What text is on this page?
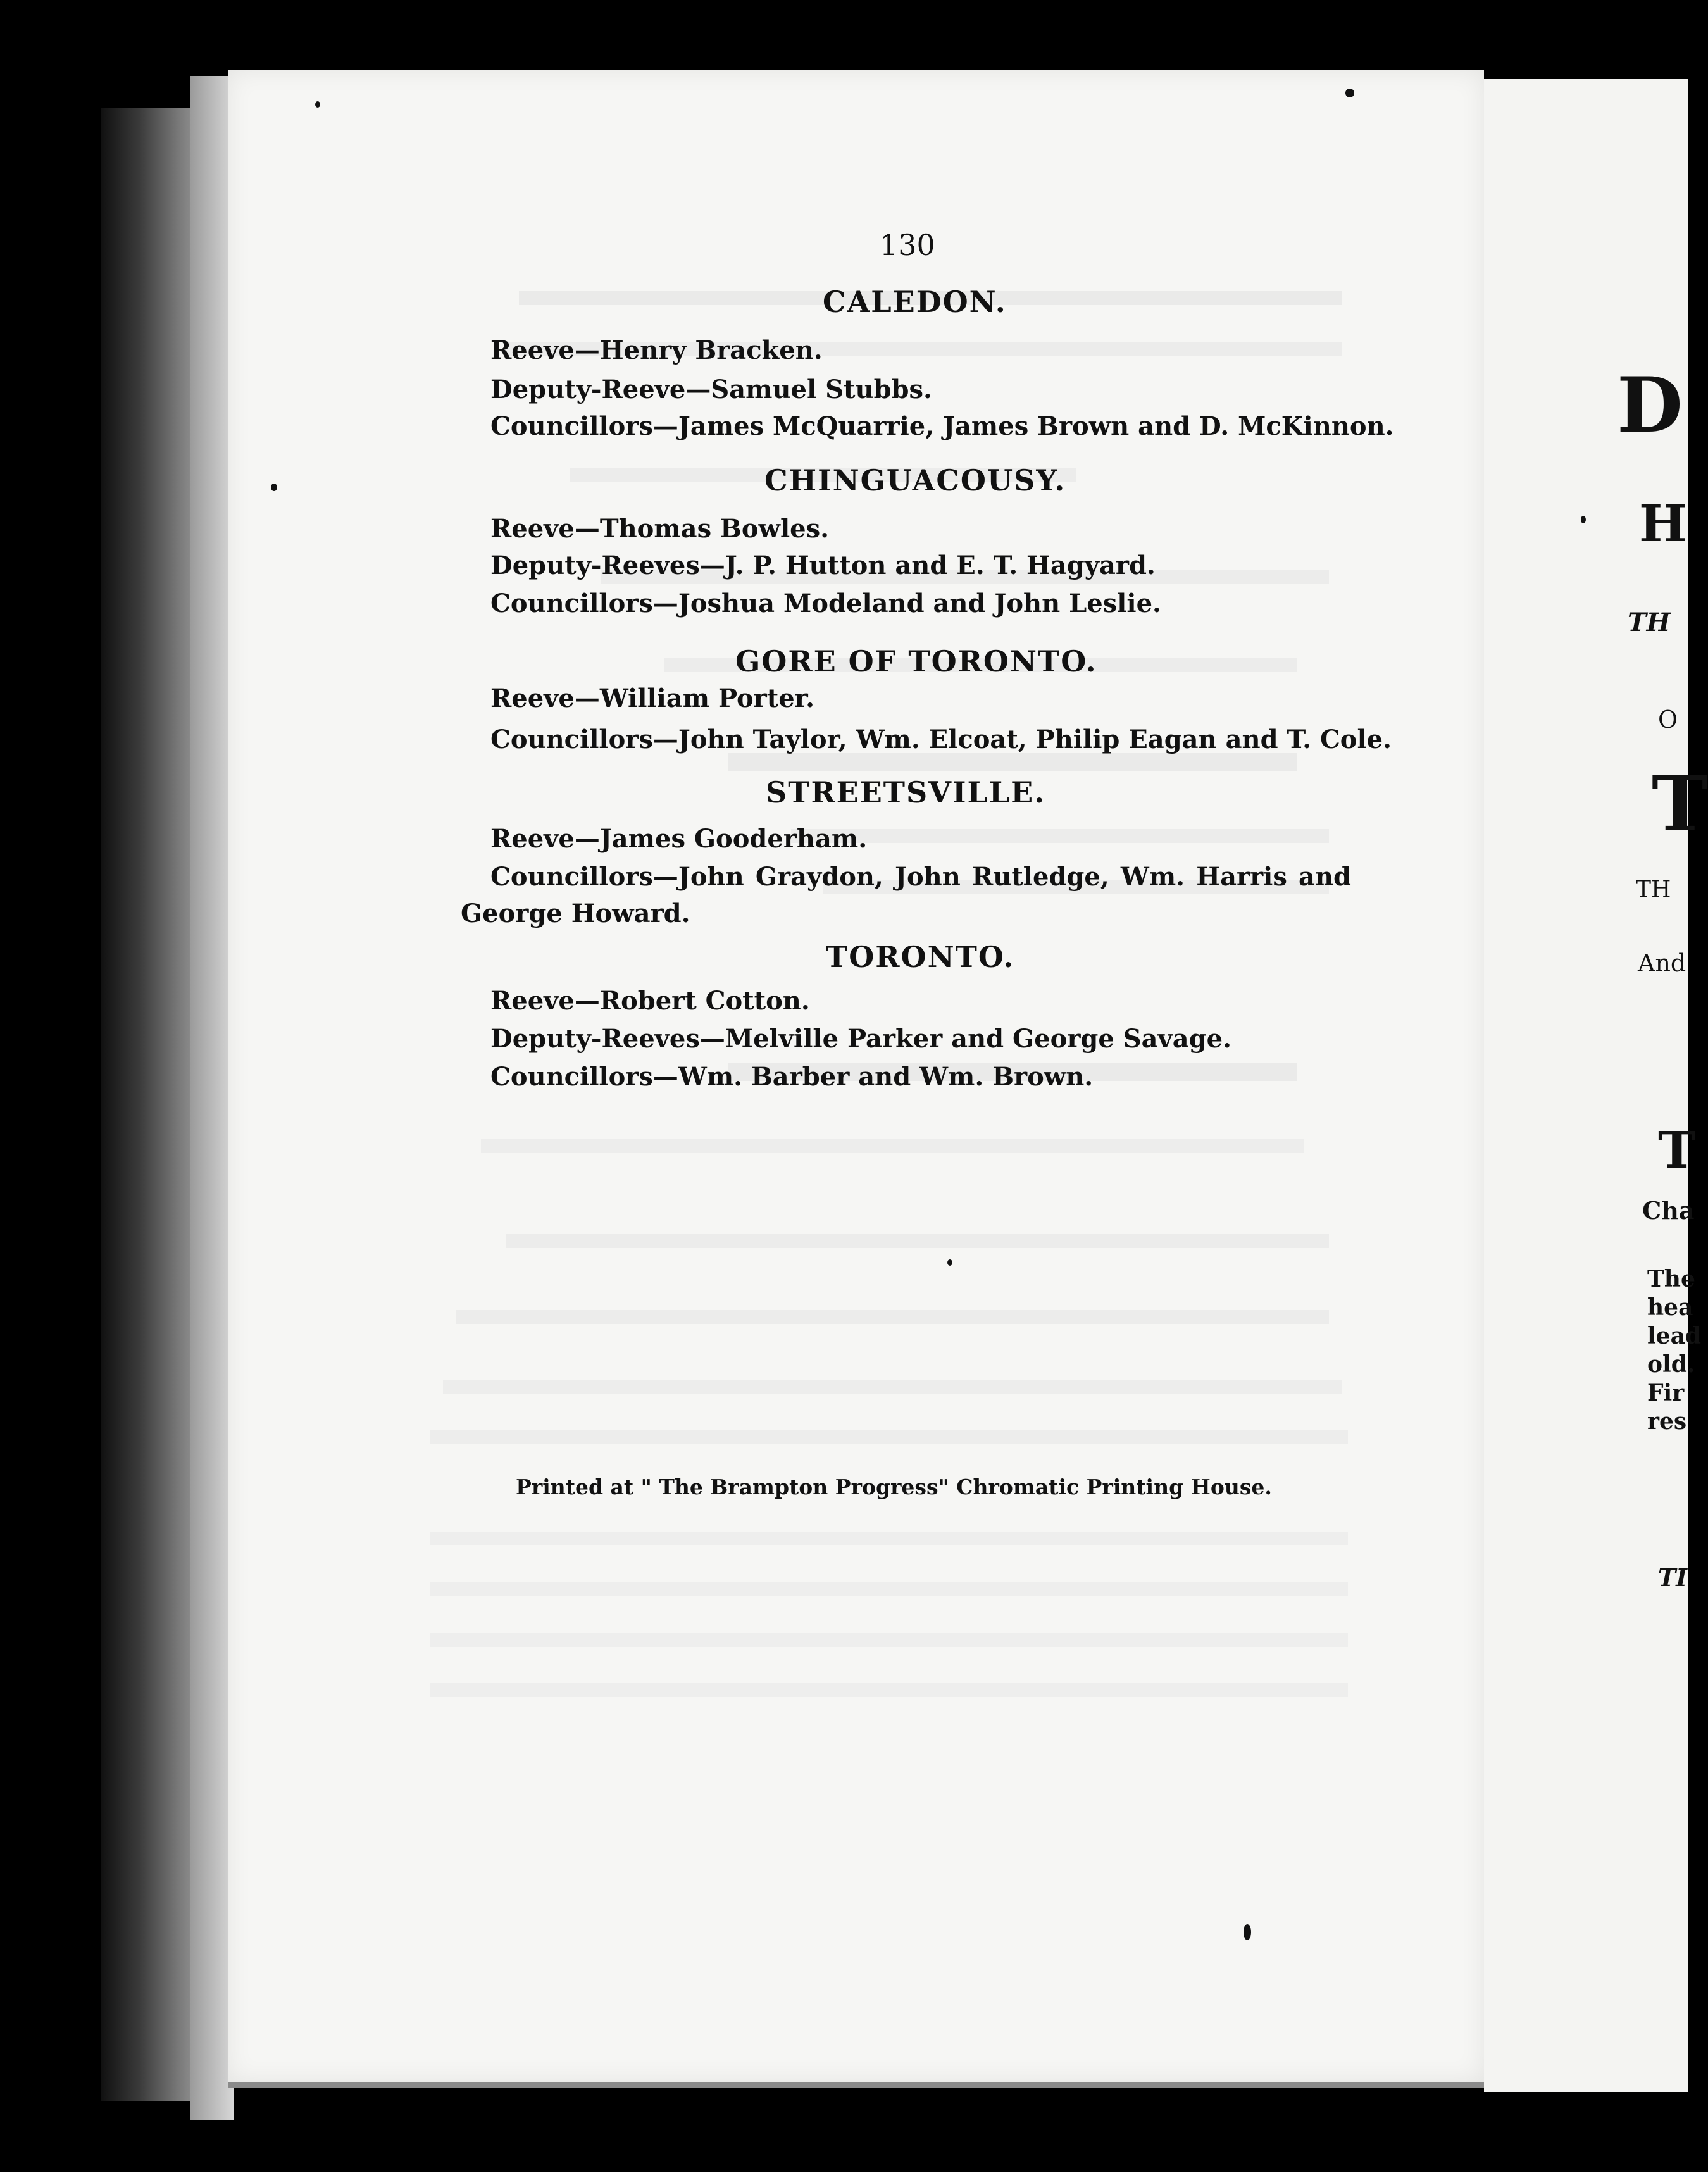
130
CALEDON.
Reeve—Henry Bracken.
Deputy-Reeve—Samuel Stubbs.
Councillors—James McQuarrie, James Brown and D. McKinnon.
CHINGUACOUSY.
Reeve—Thomas Bowles.
Deputy-Reeves—J. P. Hutton and E. T. Hagyard.
Councillors—Joshua Modeland and John Leslie.
GORE OF TORONTO.
Reeve—William Porter.
Councillors—John Taylor, Wm. Elcoat, Philip Eagan and T. Cole.
STREETSVILLE.
Reeve—James Gooderham.
Councillors—John Graydon, John Rutledge, Wm. Harris and
George Howard.
TORONTO.
Reeve—Robert Cotton.
Deputy-Reeves—Melville Parker and George Savage.
Councillors—Wm. Barber and Wm. Brown.
Printed at " The Brampton Progress" Chromatic Printing House.
D
H
TH
O
T
TH
And
T
Cha
The
hea
lead
old.
Fir
res
TI
